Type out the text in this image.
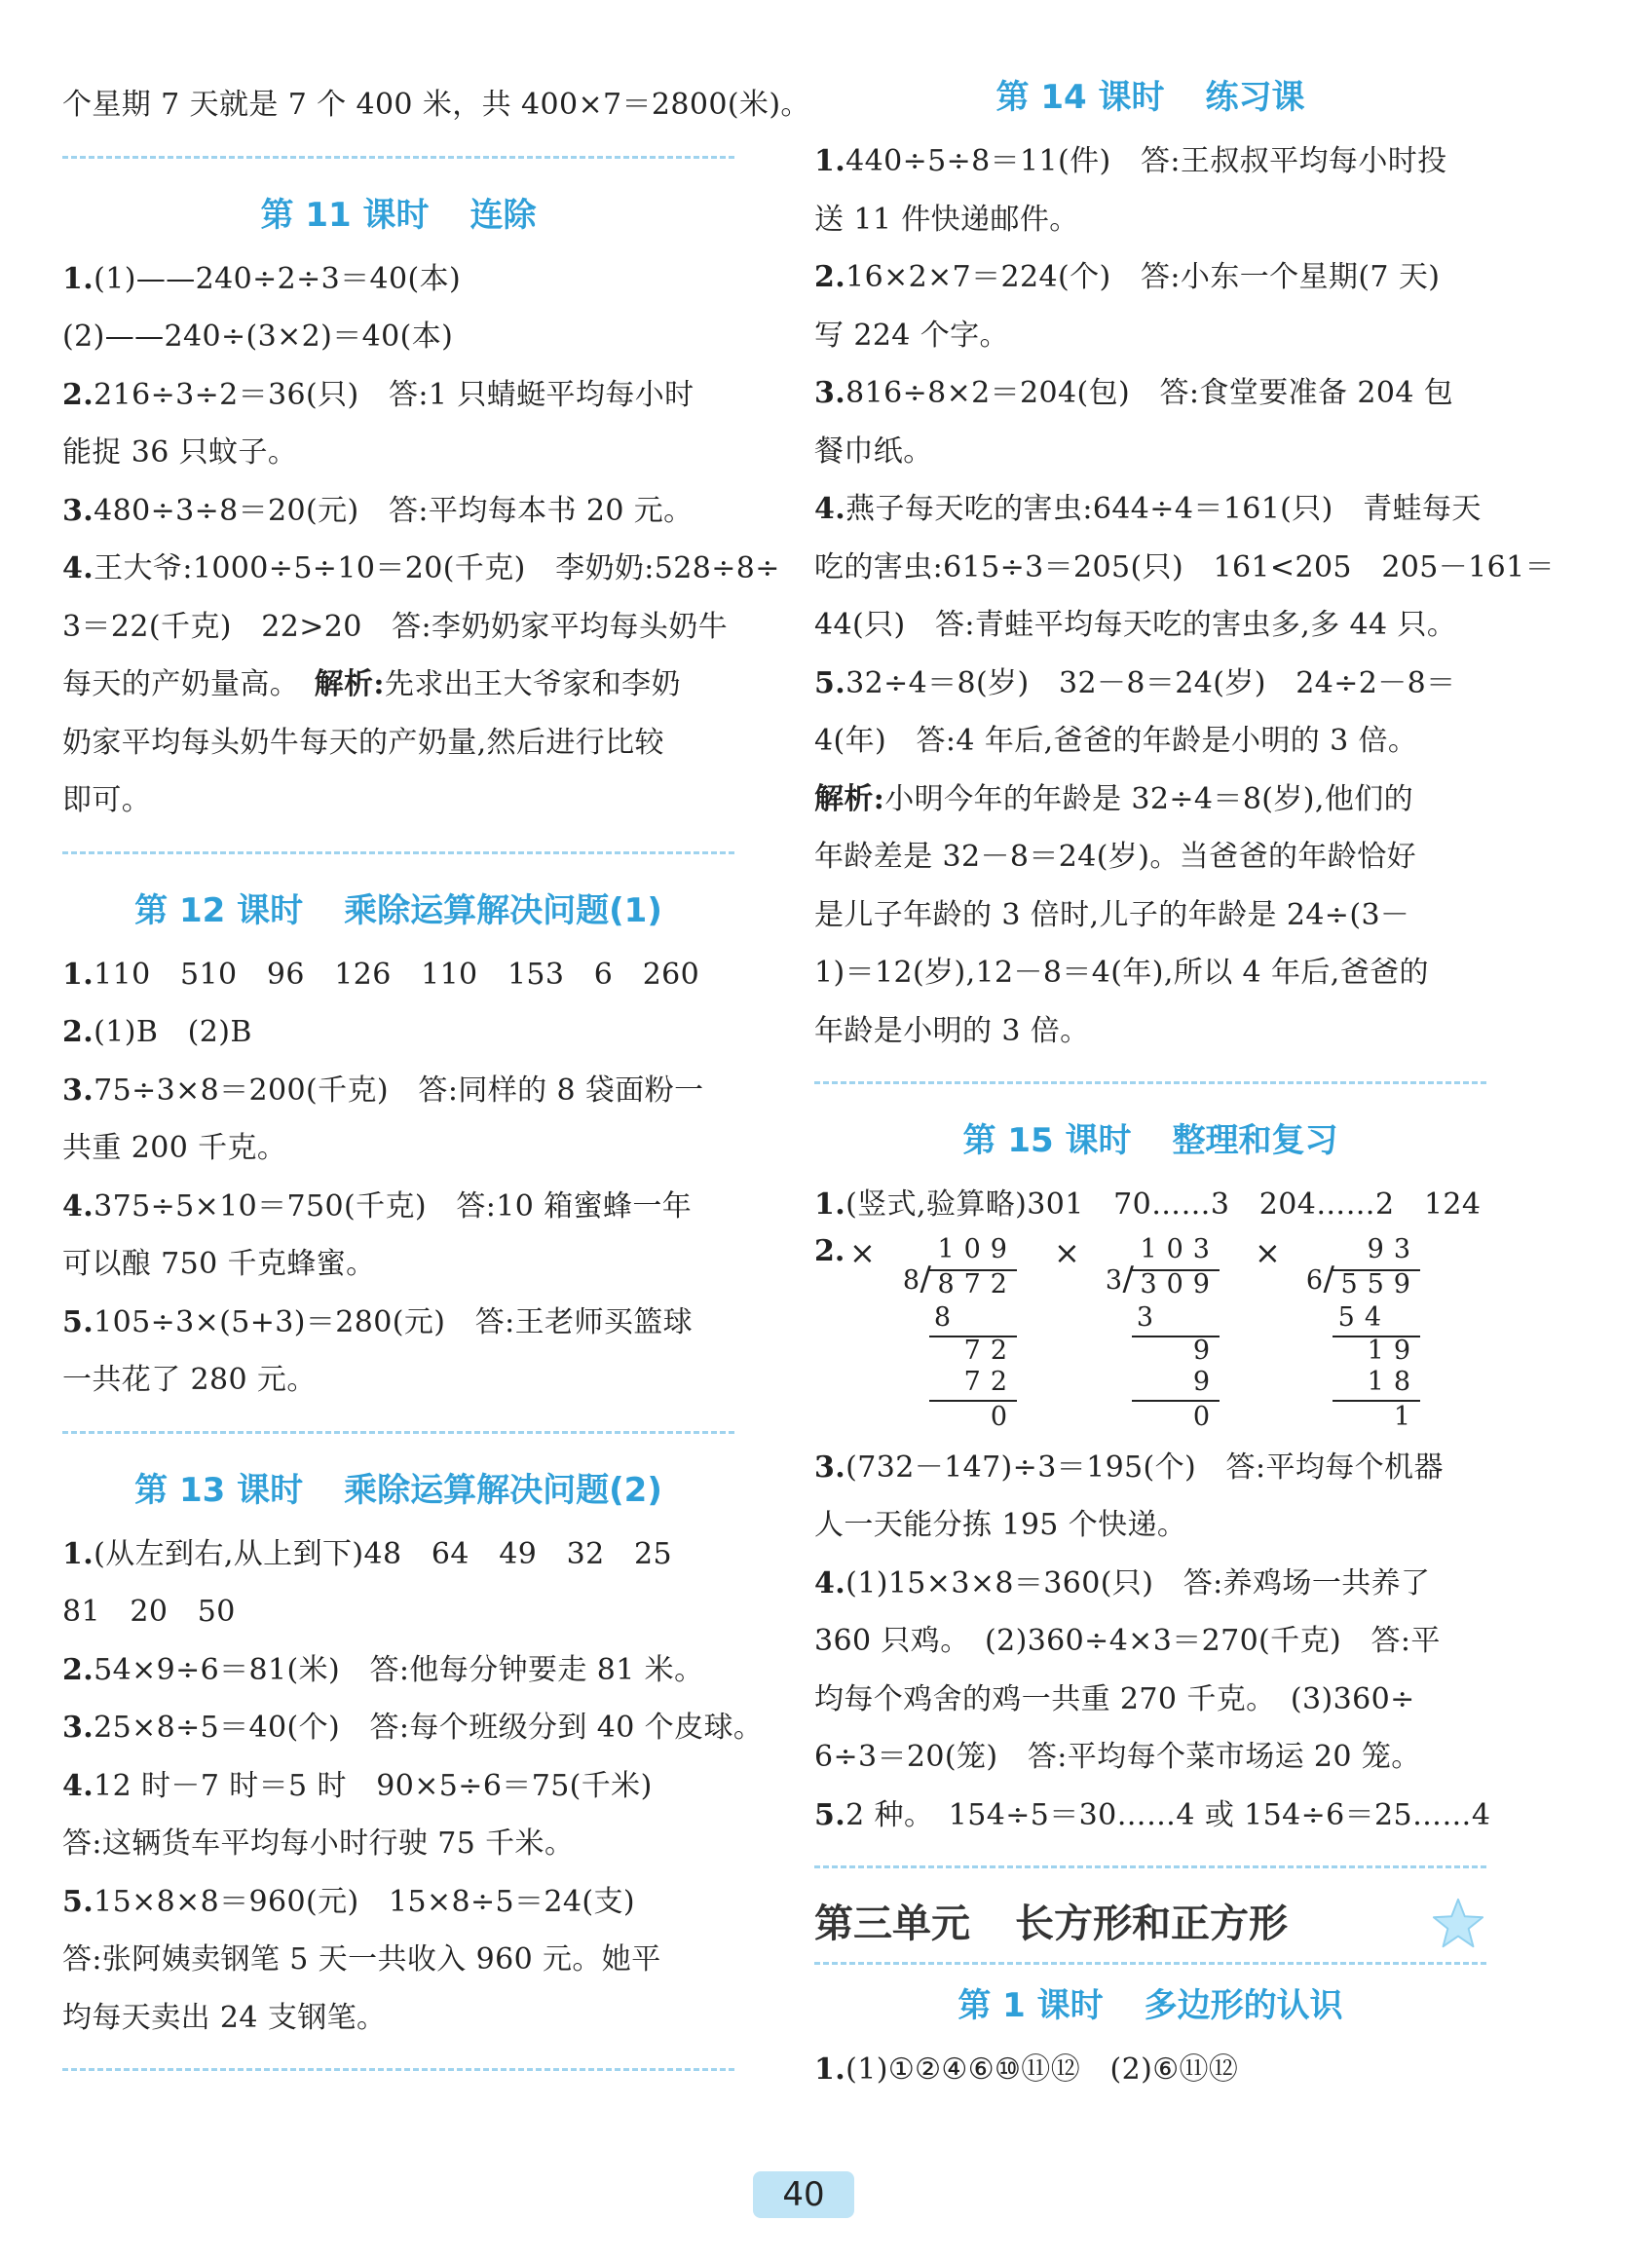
个星期 7 天就是 7 个 400 米，共 400×7＝2800(米)。
第 11 课时 连除
1.(1)——240÷2÷3＝40(本)
(2)——240÷(3×2)＝40(本)
2.216÷3÷2＝36(只)　答:1 只蜻蜓平均每小时
能捉 36 只蚊子。
3.480÷3÷8＝20(元)　答:平均每本书 20 元。
4.王大爷:1000÷5÷10＝20(千克)　李奶奶:528÷8÷
3＝22(千克)　22>20　答:李奶奶家平均每头奶牛
每天的产奶量高。　解析:先求出王大爷家和李奶
奶家平均每头奶牛每天的产奶量,然后进行比较
即可。
第 12 课时 乘除运算解决问题(1)
1.110　510　96　126　110　153　6　260
2.(1)B　(2)B
3.75÷3×8＝200(千克)　答:同样的 8 袋面粉一
共重 200 千克。
4.375÷5×10＝750(千克)　答:10 箱蜜蜂一年
可以酿 750 千克蜂蜜。
5.105÷3×(5+3)＝280(元)　答:王老师买篮球
一共花了 280 元。
第 13 课时 乘除运算解决问题(2)
1.(从左到右,从上到下)48　64　49　32　25
81　20　50
2.54×9÷6＝81(米)　答:他每分钟要走 81 米。
3.25×8÷5＝40(个)　答:每个班级分到 40 个皮球。
4.12 时－7 时＝5 时　90×5÷6＝75(千米)
答:这辆货车平均每小时行驶 75 千米。
5.15×8×8＝960(元)　15×8÷5＝24(支)
答:张阿姨卖钢笔 5 天一共收入 960 元。她平
均每天卖出 24 支钢笔。
第 14 课时 练习课
1.440÷5÷8＝11(件)　答:王叔叔平均每小时投
送 11 件快递邮件。
2.16×2×7＝224(个)　答:小东一个星期(7 天)
写 224 个字。
3.816÷8×2＝204(包)　答:食堂要准备 204 包
餐巾纸。
4.燕子每天吃的害虫:644÷4＝161(只)　青蛙每天
吃的害虫:615÷3＝205(只)　161<205　205－161＝
44(只)　答:青蛙平均每天吃的害虫多,多 44 只。
5.32÷4＝8(岁)　32－8＝24(岁)　24÷2－8＝
4(年)　答:4 年后,爸爸的年龄是小明的 3 倍。
解析:小明今年的年龄是 32÷4＝8(岁),他们的
年龄差是 32－8＝24(岁)。当爸爸的年龄恰好
是儿子年龄的 3 倍时,儿子的年龄是 24÷(3－
1)＝12(岁),12－8＝4(年),所以 4 年后,爸爸的
年龄是小明的 3 倍。
第 15 课时 整理和复习
1.(竖式,验算略)301　70……3　204……2　124
2. × 109
/
8 872
8
72
72
0
× 103
/
3 309
3
9
9
0
×	93
/
6 559
54
19
18
1
3.(732－147)÷3＝195(个)　答:平均每个机器
人一天能分拣 195 个快递。
4.(1)15×3×8＝360(只)　答:养鸡场一共养了
360 只鸡。　(2)360÷4×3＝270(千克)　答:平
均每个鸡舍的鸡一共重 270 千克。　(3)360÷
6÷3＝20(笼)　答:平均每个菜市场运 20 笼。
5.2 种。　154÷5＝30……4 或 154÷6＝25……4
第三单元 长方形和正方形
第 1 课时 多边形的认识
1.(1)①②④⑥⑩⑪⑫　(2)⑥⑪⑫
40
